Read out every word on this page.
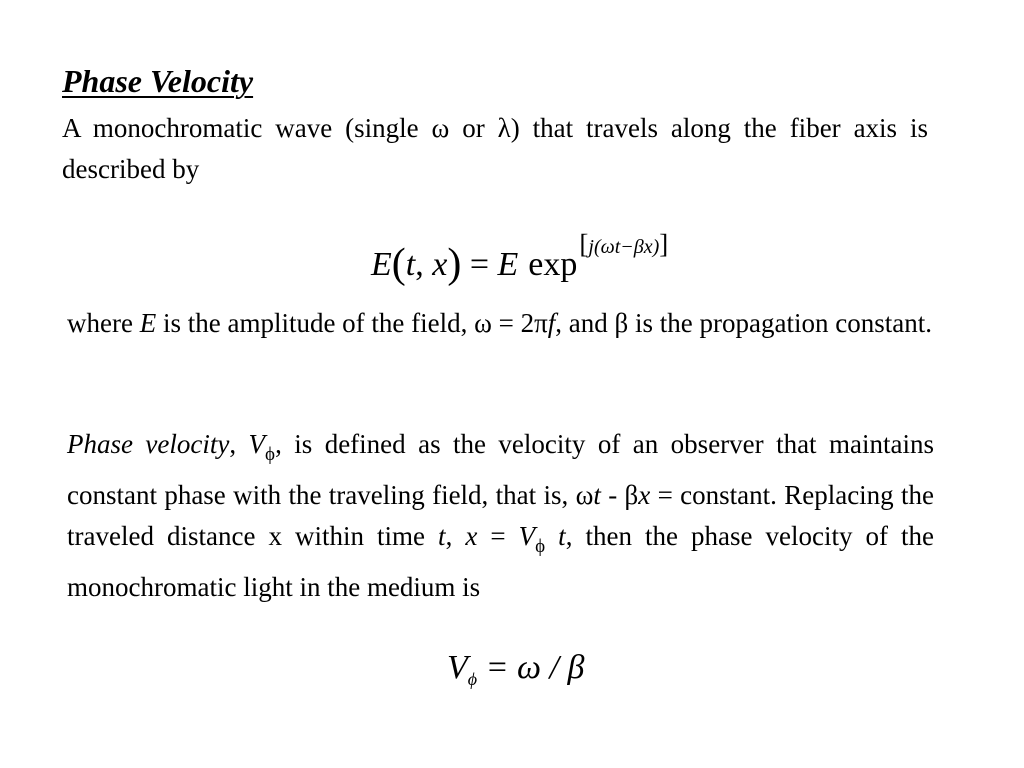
Phase Velocity

A monochromatic wave (single ω or λ) that travels along the fiber axis is described by

E(t, x) = E exp[j(ωt−βx)]

where E is the amplitude of the field, ω = 2πf, and β is the propagation constant.

Phase velocity, $V_\phi$, is defined as the velocity of an observer that maintains constant phase with the traveling field, that is, ωt - βx = constant. Replacing the traveled distance x within time t, $x = V_\phi$ t, then the phase velocity of the monochromatic light in the medium is

$V_\phi = \omega / \beta$
